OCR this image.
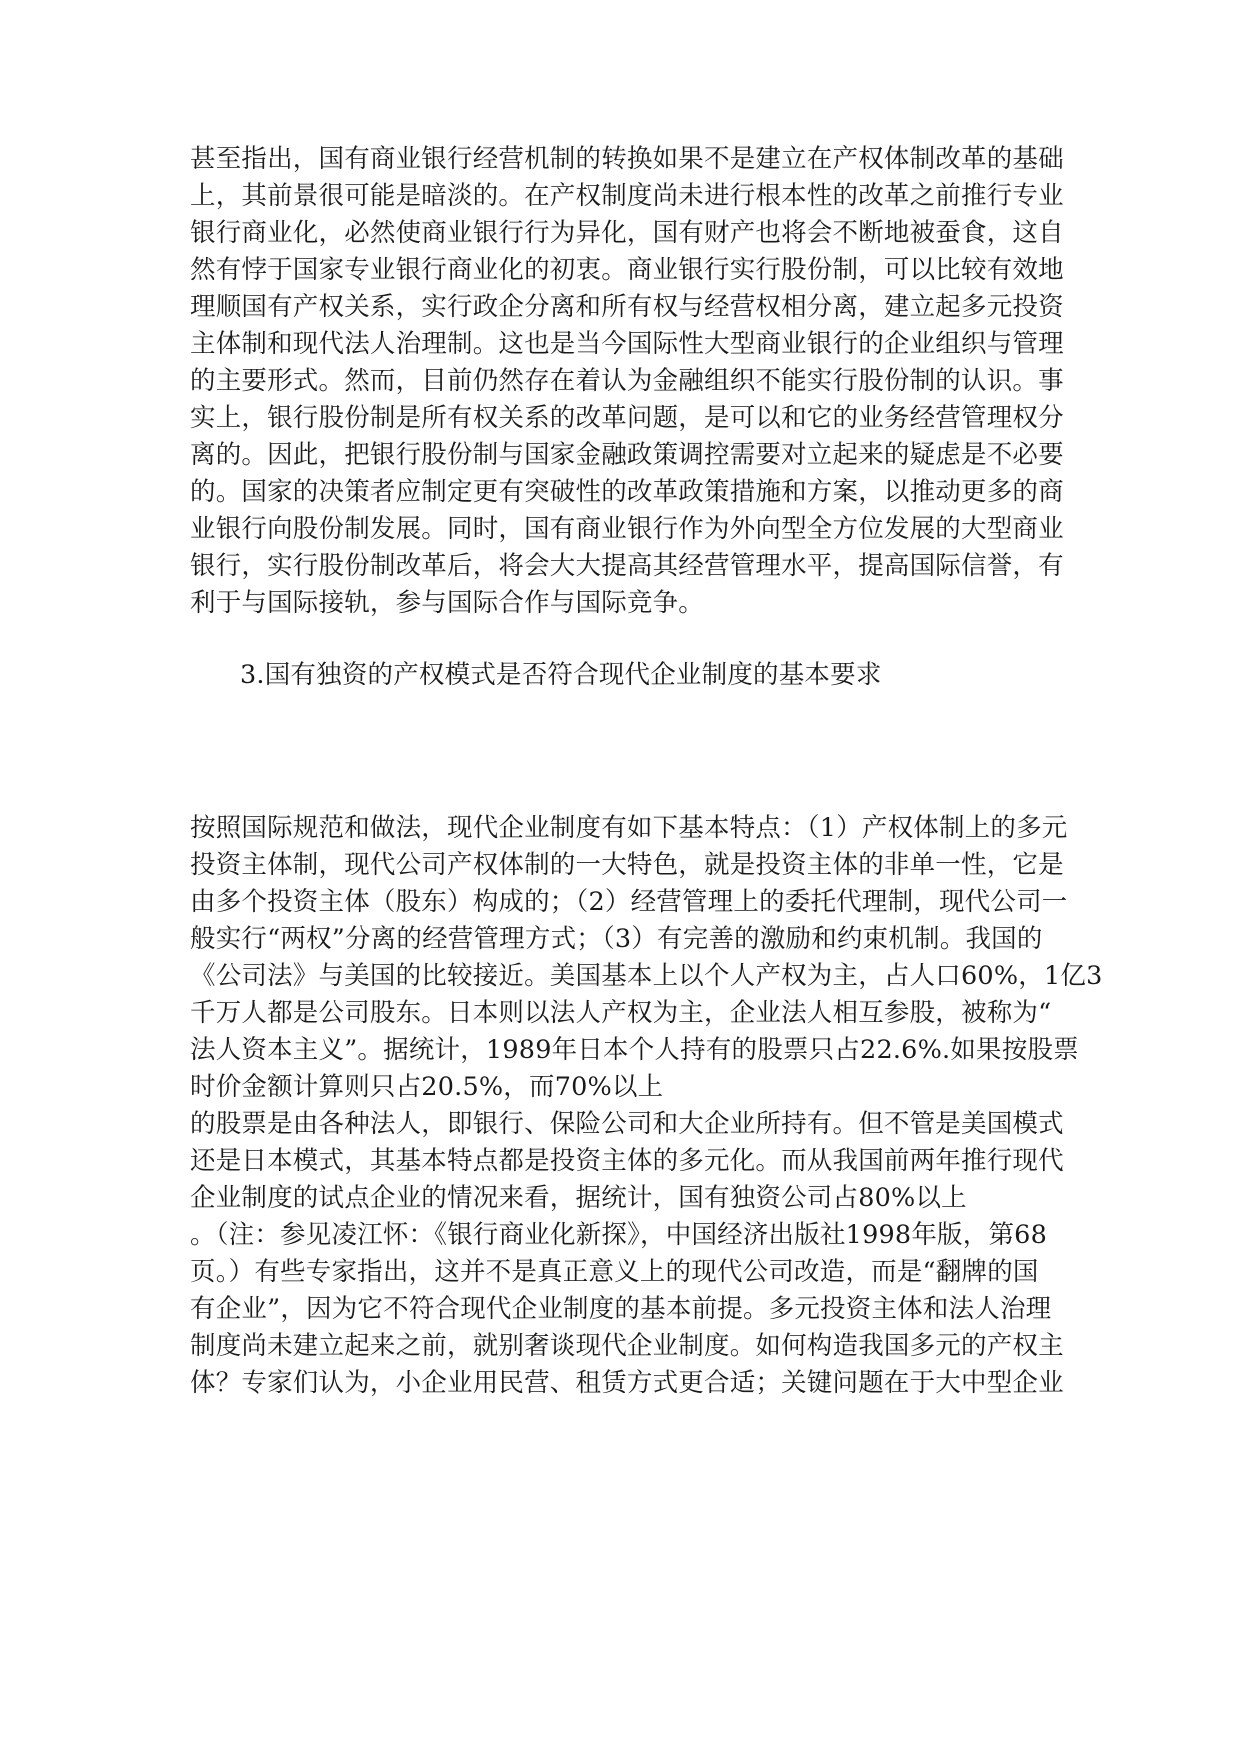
甚至指出，国有商业银行经营机制的转换如果不是建立在产权体制改革的基础
上，其前景很可能是暗淡的。在产权制度尚未进行根本性的改革之前推行专业
银行商业化，必然使商业银行行为异化，国有财产也将会不断地被蚕食，这自
然有悖于国家专业银行商业化的初衷。商业银行实行股份制，可以比较有效地
理顺国有产权关系，实行政企分离和所有权与经营权相分离，建立起多元投资
主体制和现代法人治理制。这也是当今国际性大型商业银行的企业组织与管理
的主要形式。然而，目前仍然存在着认为金融组织不能实行股份制的认识。事
实上，银行股份制是所有权关系的改革问题，是可以和它的业务经营管理权分
离的。因此，把银行股份制与国家金融政策调控需要对立起来的疑虑是不必要
的。国家的决策者应制定更有突破性的改革政策措施和方案，以推动更多的商
业银行向股份制发展。同时，国有商业银行作为外向型全方位发展的大型商业
银行，实行股份制改革后，将会大大提高其经营管理水平，提高国际信誉，有
利于与国际接轨，参与国际合作与国际竞争。
3.国有独资的产权模式是否符合现代企业制度的基本要求
按照国际规范和做法，现代企业制度有如下基本特点：（1）产权体制上的多元
投资主体制，现代公司产权体制的一大特色，就是投资主体的非单一性，它是
由多个投资主体（股东）构成的；（2）经营管理上的委托代理制，现代公司一
般实行“两权”分离的经营管理方式；（3）有完善的激励和约束机制。我国的
《公司法》与美国的比较接近。美国基本上以个人产权为主，占人口60%，1亿3
千万人都是公司股东。日本则以法人产权为主，企业法人相互参股，被称为“
法人资本主义”。据统计，1989年日本个人持有的股票只占22.6%.如果按股票
时价金额计算则只占20.5%，而70%以上
的股票是由各种法人，即银行、保险公司和大企业所持有。但不管是美国模式
还是日本模式，其基本特点都是投资主体的多元化。而从我国前两年推行现代
企业制度的试点企业的情况来看，据统计，国有独资公司占80%以上
。（注：参见凌江怀：《银行商业化新探》，中国经济出版社1998年版，第68
页。）有些专家指出，这并不是真正意义上的现代公司改造，而是“翻牌的国
有企业”，因为它不符合现代企业制度的基本前提。多元投资主体和法人治理
制度尚未建立起来之前，就别奢谈现代企业制度。如何构造我国多元的产权主
体？专家们认为，小企业用民营、租赁方式更合适；关键问题在于大中型企业
